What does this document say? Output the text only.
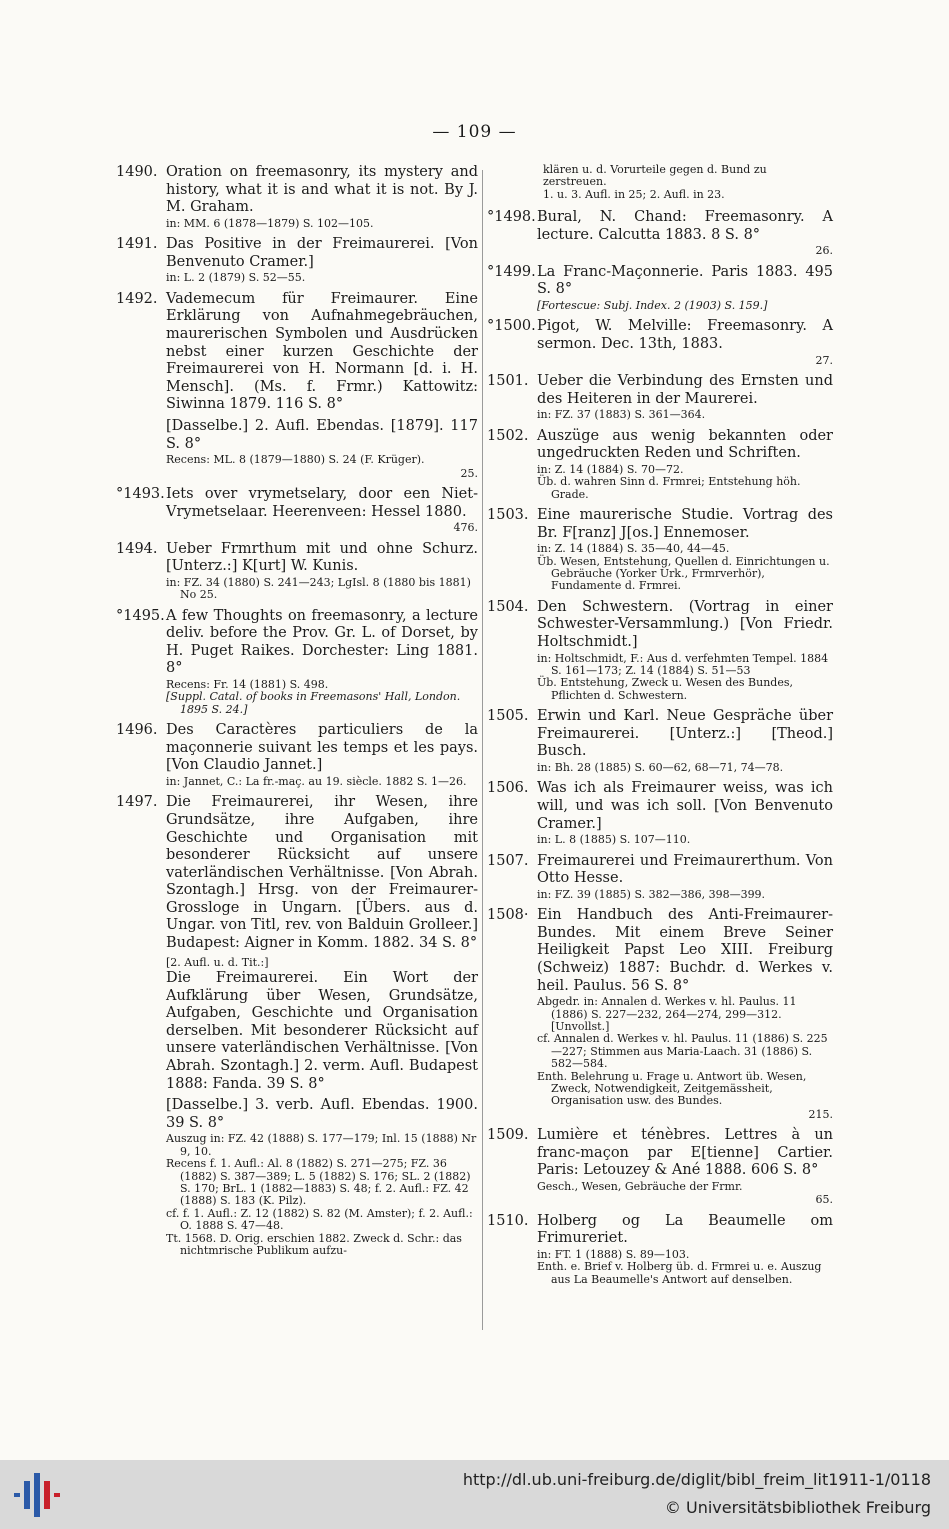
— 109 —
1490. Oration on freemasonry, its mystery and history, what it is and what it is not. By J. M. Graham.
in: MM. 6 (1878—1879) S. 102—105.
1491. Das Positive in der Freimaurerei. [Von Benvenuto Cramer.]
in: L. 2 (1879) S. 52—55.
1492. Vademecum für Freimaurer. Eine Erklärung von Aufnahmegebräuchen, maurerischen Symbolen und Ausdrücken nebst einer kurzen Geschichte der Freimaurerei von H. Normann [d. i. H. Mensch]. (Ms. f. Frmr.) Kattowitz: Siwinna 1879. 116 S. 8°
[Dasselbe.] 2. Aufl. Ebendas. [1879]. 117 S. 8°
Recens: ML. 8 (1879—1880) S. 24 (F. Krüger).
25.
°1493. Iets over vrymetselary, door een Niet-Vrymetselaar. Heerenveen: Hessel 1880.
476.
1494. Ueber Frmrthum mit und ohne Schurz. [Unterz.:] K[urt] W. Kunis.
in: FZ. 34 (1880) S. 241—243; LgIsl. 8 (1880 bis 1881) No 25.
°1495. A few Thoughts on freemasonry, a lecture deliv. before the Prov. Gr. L. of Dorset, by H. Puget Raikes. Dorchester: Ling 1881. 8°
Recens: Fr. 14 (1881) S. 498.
[Suppl. Catal. of books in Freemasons' Hall, London. 1895 S. 24.]
1496. Des Caractères particuliers de la maçonnerie suivant les temps et les pays. [Von Claudio Jannet.]
in: Jannet, C.: La fr.-maç. au 19. siècle. 1882 S. 1—26.
1497. Die Freimaurerei, ihr Wesen, ihre Grundsätze, ihre Aufgaben, ihre Geschichte und Organisation mit besonderer Rücksicht auf unsere vaterländischen Verhältnisse. [Von Abrah. Szontagh.] Hrsg. von der Freimaurer-Grossloge in Ungarn. [Übers. aus d. Ungar. von Titl, rev. von Balduin Grolleer.] Budapest: Aigner in Komm. 1882. 34 S. 8°
[2. Aufl. u. d. Tit.:]
Die Freimaurerei. Ein Wort der Aufklärung über Wesen, Grundsätze, Aufgaben, Geschichte und Organisation derselben. Mit besonderer Rücksicht auf unsere vaterländischen Verhältnisse. [Von Abrah. Szontagh.] 2. verm. Aufl. Budapest 1888: Fanda. 39 S. 8°
[Dasselbe.] 3. verb. Aufl. Ebendas. 1900. 39 S. 8°
Auszug in: FZ. 42 (1888) S. 177—179; Inl. 15 (1888) Nr 9, 10.
Recens f. 1. Aufl.: Al. 8 (1882) S. 271—275; FZ. 36 (1882) S. 387—389; L. 5 (1882) S. 176; SL. 2 (1882) S. 170; BrL. 1 (1882—1883) S. 48; f. 2. Aufl.: FZ. 42 (1888) S. 183 (K. Pilz).
cf. f. 1. Aufl.: Z. 12 (1882) S. 82 (M. Amster); f. 2. Aufl.: O. 1888 S. 47—48.
Tt. 1568. D. Orig. erschien 1882. Zweck d. Schr.: das nichtmrische Publikum aufzu-
klären u. d. Vorurteile gegen d. Bund zu zerstreuen.
1. u. 3. Aufl. in 25; 2. Aufl. in 23.
°1498. Bural, N. Chand: Freemasonry. A lecture. Calcutta 1883. 8 S. 8°
26.
°1499. La Franc-Maçonnerie. Paris 1883. 495 S. 8°
[Fortescue: Subj. Index. 2 (1903) S. 159.]
°1500. Pigot, W. Melville: Freemasonry. A sermon. Dec. 13th, 1883.
27.
1501. Ueber die Verbindung des Ernsten und des Heiteren in der Maurerei.
in: FZ. 37 (1883) S. 361—364.
1502. Auszüge aus wenig bekannten oder ungedruckten Reden und Schriften.
in: Z. 14 (1884) S. 70—72.
Üb. d. wahren Sinn d. Frmrei; Entstehung höh. Grade.
1503. Eine maurerische Studie. Vortrag des Br. F[ranz] J[os.] Ennemoser.
in: Z. 14 (1884) S. 35—40, 44—45.
Üb. Wesen, Entstehung, Quellen d. Einrichtungen u. Gebräuche (Yorker Urk., Frmrverhör), Fundamente d. Frmrei.
1504. Den Schwestern. (Vortrag in einer Schwester-Versammlung.) [Von Friedr. Holtschmidt.]
in: Holtschmidt, F.: Aus d. verfehmten Tempel. 1884 S. 161—173; Z. 14 (1884) S. 51—53
Üb. Entstehung, Zweck u. Wesen des Bundes, Pflichten d. Schwestern.
1505. Erwin und Karl. Neue Gespräche über Freimaurerei. [Unterz.:] [Theod.] Busch.
in: Bh. 28 (1885) S. 60—62, 68—71, 74—78.
1506. Was ich als Freimaurer weiss, was ich will, und was ich soll. [Von Benvenuto Cramer.]
in: L. 8 (1885) S. 107—110.
1507. Freimaurerei und Freimaurerthum. Von Otto Hesse.
in: FZ. 39 (1885) S. 382—386, 398—399.
1508· Ein Handbuch des Anti-Freimaurer-Bundes. Mit einem Breve Seiner Heiligkeit Papst Leo XIII. Freiburg (Schweiz) 1887: Buchdr. d. Werkes v. heil. Paulus. 56 S. 8°
Abgedr. in: Annalen d. Werkes v. hl. Paulus. 11 (1886) S. 227—232, 264—274, 299—312. [Unvollst.]
cf. Annalen d. Werkes v. hl. Paulus. 11 (1886) S. 225—227; Stimmen aus Maria-Laach. 31 (1886) S. 582—584.
Enth. Belehrung u. Frage u. Antwort üb. Wesen, Zweck, Notwendigkeit, Zeitgemässheit, Organisation usw. des Bundes.
215.
1509. Lumière et ténèbres. Lettres à un franc-maçon par E[tienne] Cartier. Paris: Letouzey & Ané 1888. 606 S. 8°
Gesch., Wesen, Gebräuche der Frmr.
65.
1510. Holberg og La Beaumelle om Frimureriet.
in: FT. 1 (1888) S. 89—103.
Enth. e. Brief v. Holberg üb. d. Frmrei u. e. Auszug aus La Beaumelle's Antwort auf denselben.
http://dl.ub.uni-freiburg.de/diglit/bibl_freim_lit1911-1/0118
© Universitätsbibliothek Freiburg
